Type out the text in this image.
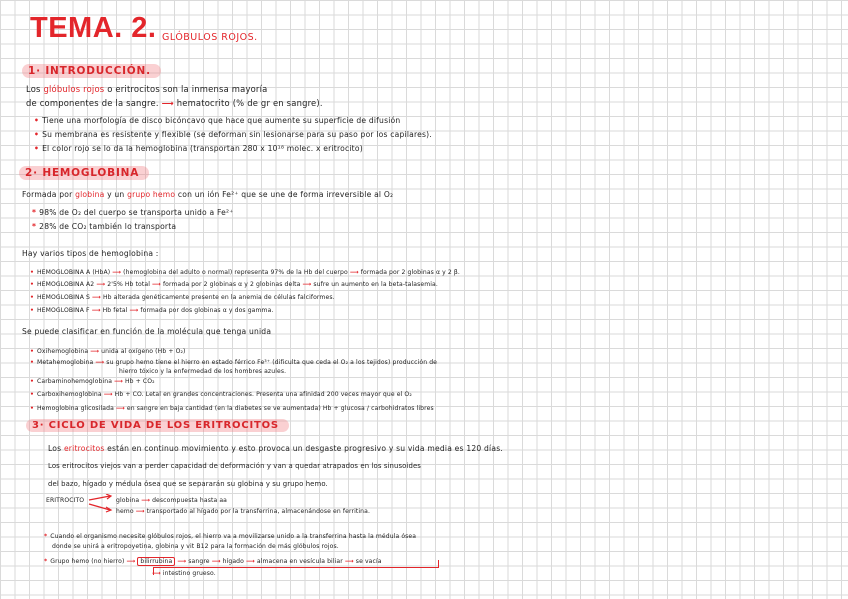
TEMA. 2. GLÓBULOS ROJOS.
1· INTRODUCCIÓN.
Los glóbulos rojos o eritrocitos son la inmensa mayoría
de componentes de la sangre. ⟶ hematocrito (% de gr en sangre).
• Tiene una morfología de disco bicóncavo que hace que aumente su superficie de difusión
• Su membrana es resistente y flexible (se deforman sin lesionarse para su paso por los capilares).
• El color rojo se lo da la hemoglobina (transportan 280 x 10¹⁸ molec. x eritrocito)
2· HEMOGLOBINA
Formada por globina y un grupo hemo con un ión Fe²⁺ que se une de forma irreversible al O₂
* 98% de O₂ del cuerpo se transporta unido a Fe²⁺
* 28% de CO₂ también lo transporta
Hay varios tipos de hemoglobina :
• HEMOGLOBINA A (HbA) ⟶ (hemoglobina del adulto o normal) representa 97% de la Hb del cuerpo ⟶ formada por 2 globinas α y 2 β.
• HEMOGLOBINA A2 ⟶ 2'5% Hb total ⟶ formada por 2 globinas α y 2 globinas delta ⟶ sufre un aumento en la beta-talasemia.
• HEMOGLOBINA S ⟶ Hb alterada genéticamente presente en la anemia de células falciformes.
• HEMOGLOBINA F ⟶ Hb fetal ⟶ formada por dos globinas α y dos gamma.
Se puede clasificar en función de la molécula que tenga unida
• Oxihemoglobina ⟶ unida al oxígeno (Hb + O₂)
• Metahemoglobina ⟶ su grupo hemo tiene el hierro en estado férrico Fe³⁺ (dificulta que ceda el O₂ a los tejidos) producción de
hierro tóxico y la enfermedad de los hombres azules.
• Carbaminohemoglobina ⟶ Hb + CO₂
• Carboxihemoglobina ⟶ Hb + CO. Letal en grandes concentraciones. Presenta una afinidad 200 veces mayor que el O₂
• Hemoglobina glicosilada ⟶ en sangre en baja cantidad (en la diabetes se ve aumentada) Hb + glucosa / carbohidratos libres
3· CICLO DE VIDA DE LOS ERITROCITOS
Los eritrocitos están en continuo movimiento y esto provoca un desgaste progresivo y su vida media es 120 días.
Los eritrocitos viejos van a perder capacidad de deformación y van a quedar atrapados en los sinusoides
del bazo, hígado y médula ósea que se separarán su globina y su grupo hemo.
ERITROCITO	globina ⟶ descompuesta hasta aa
hemo ⟶ transportado al hígado por la transferrina, almacenándose en ferritina.
* Cuando el organismo necesite glóbulos rojos, el hierro va a movilizarse unido a la transferrina hasta la médula ósea
donde se unirá a eritropoyetina, globina y vit B12 para la formación de más glóbulos rojos.
* Grupo hemo (no hierro) ⟶ bilirrubina ⟶ sangre ⟶ hígado ⟶ almacena en vesícula biliar ⟶ se vacía
⟶ intestino grueso.
